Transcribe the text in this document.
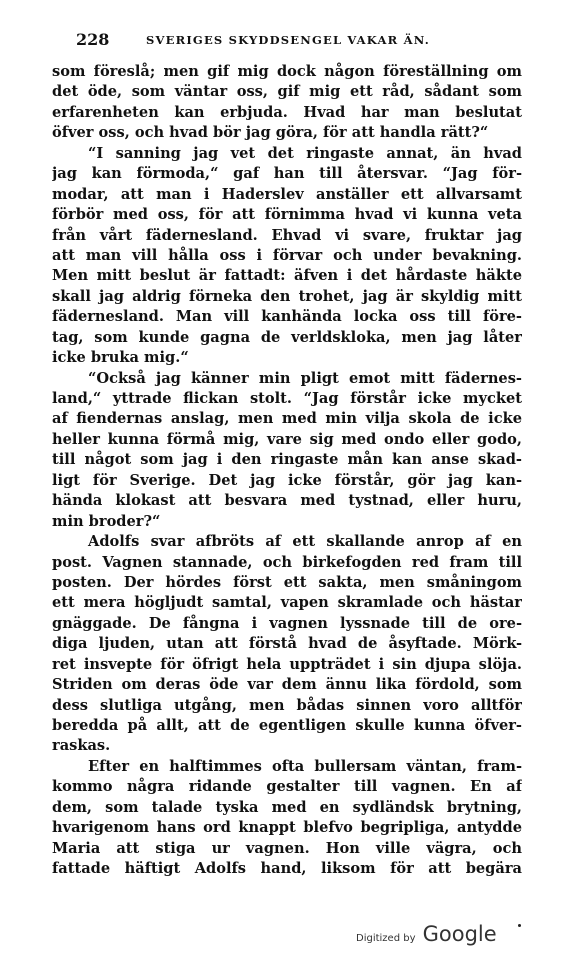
228	SVERIGES SKYDDSENGEL VAKAR ÄN.
som föreslå; men gif mig dock någon föreställning om
det öde, som väntar oss, gif mig ett råd, sådant som
erfarenheten kan erbjuda. Hvad har man beslutat
öfver oss, och hvad bör jag göra, för att handla rätt?“
“I sanning jag vet det ringaste annat, än hvad
jag kan förmoda,“ gaf han till återsvar. “Jag för-
modar, att man i Haderslev anställer ett allvarsamt
förbör med oss, för att förnimma hvad vi kunna veta
från vårt fädernesland. Ehvad vi svare, fruktar jag
att man vill hålla oss i förvar och under bevakning.
Men mitt beslut är fattadt: äfven i det hårdaste häkte
skall jag aldrig förneka den trohet, jag är skyldig mitt
fädernesland. Man vill kanhända locka oss till före-
tag, som kunde gagna de verldskloka, men jag låter
icke bruka mig.“
“Också jag känner min pligt emot mitt fädernes-
land,“ yttrade flickan stolt. “Jag förstår icke mycket
af fiendernas anslag, men med min vilja skola de icke
heller kunna förmå mig, vare sig med ondo eller godo,
till något som jag i den ringaste mån kan anse skad-
ligt för Sverige. Det jag icke förstår, gör jag kan-
hända klokast att besvara med tystnad, eller huru,
min broder?“
Adolfs svar afbröts af ett skallande anrop af en
post. Vagnen stannade, och birkefogden red fram till
posten. Der hördes först ett sakta, men småningom
ett mera högljudt samtal, vapen skramlade och hästar
gnäggade. De fångna i vagnen lyssnade till de ore-
diga ljuden, utan att förstå hvad de åsyftade. Mörk-
ret insvepte för öfrigt hela uppträdet i sin djupa slöja.
Striden om deras öde var dem ännu lika fördold, som
dess slutliga utgång, men bådas sinnen voro alltför
beredda på allt, att de egentligen skulle kunna öfver-
raskas.
Efter en halftimmes ofta bullersam väntan, fram-
kommo några ridande gestalter till vagnen. En af
dem, som talade tyska med en sydländsk brytning,
hvarigenom hans ord knappt blefvo begripliga, antydde
Maria att stiga ur vagnen. Hon ville vägra, och
fattade häftigt Adolfs hand, liksom för att begära
Digitized by Google
